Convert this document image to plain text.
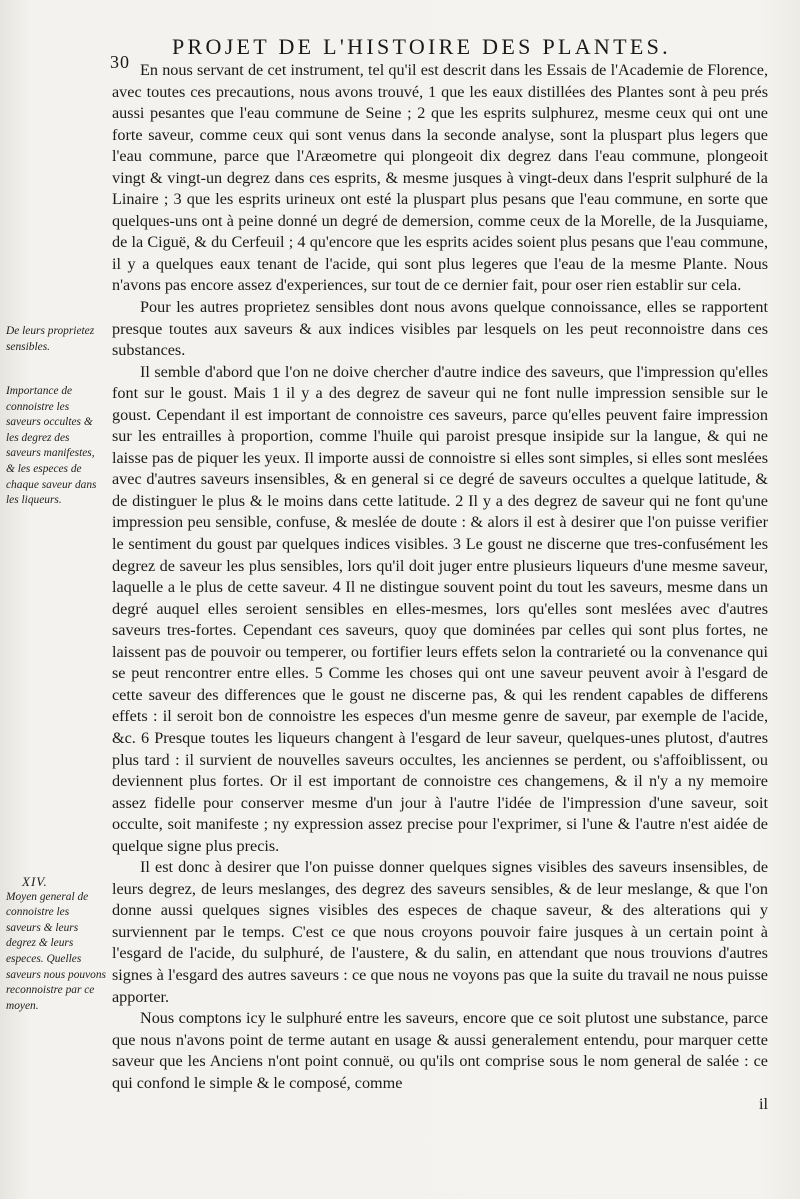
30
PROJET DE L'HISTOIRE DES PLANTES.
De leurs proprietez sensibles.
Importance de connoistre les saveurs occultes & les degrez des saveurs manifestes, & les especes de chaque saveur dans les liqueurs.
XIV.
Moyen general de connoistre les saveurs & leurs degrez & leurs especes. Quelles saveurs nous pouvons reconnoistre par ce moyen.

En nous servant de cet instrument, tel qu'il est descrit dans les Essais de l'Academie de Florence, avec toutes ces precautions, nous avons trouvé, 1 que les eaux distillées des Plantes sont à peu prés aussi pesantes que l'eau commune de Seine ; 2 que les esprits sulphurez, mesme ceux qui ont une forte saveur, comme ceux qui sont venus dans la seconde analyse, sont la pluspart plus legers que l'eau commune, parce que l'Aræometre qui plongeoit dix degrez dans l'eau commune, plongeoit vingt & vingt-un degrez dans ces esprits, & mesme jusques à vingt-deux dans l'esprit sulphuré de la Linaire ; 3 que les esprits urineux ont esté la pluspart plus pesans que l'eau commune, en sorte que quelques-uns ont à peine donné un degré de demersion, comme ceux de la Morelle, de la Jusquiame, de la Ciguë, & du Cerfeuil ; 4 qu'encore que les esprits acides soient plus pesans que l'eau commune, il y a quelques eaux tenant de l'acide, qui sont plus legeres que l'eau de la mesme Plante. Nous n'avons pas encore assez d'experiences, sur tout de ce dernier fait, pour oser rien establir sur cela.

Pour les autres proprietez sensibles dont nous avons quelque connoissance, elles se rapportent presque toutes aux saveurs & aux indices visibles par lesquels on les peut reconnoistre dans ces substances.

Il semble d'abord que l'on ne doive chercher d'autre indice des saveurs, que l'impression qu'elles font sur le goust. Mais 1 il y a des degrez de saveur qui ne font nulle impression sensible sur le goust. Cependant il est important de connoistre ces saveurs, parce qu'elles peuvent faire impression sur les entrailles à proportion, comme l'huile qui paroist presque insipide sur la langue, & qui ne laisse pas de piquer les yeux. Il importe aussi de connoistre si elles sont simples, si elles sont meslées avec d'autres saveurs insensibles, & en general si ce degré de saveurs occultes a quelque latitude, & de distinguer le plus & le moins dans cette latitude. 2 Il y a des degrez de saveur qui ne font qu'une impression peu sensible, confuse, & meslée de doute : & alors il est à desirer que l'on puisse verifier le sentiment du goust par quelques indices visibles. 3 Le goust ne discerne que tres-confusément les degrez de saveur les plus sensibles, lors qu'il doit juger entre plusieurs liqueurs d'une mesme saveur, laquelle a le plus de cette saveur. 4 Il ne distingue souvent point du tout les saveurs, mesme dans un degré auquel elles seroient sensibles en elles-mesmes, lors qu'elles sont meslées avec d'autres saveurs tres-fortes. Cependant ces saveurs, quoy que dominées par celles qui sont plus fortes, ne laissent pas de pouvoir ou temperer, ou fortifier leurs effets selon la contrarieté ou la convenance qui se peut rencontrer entre elles. 5 Comme les choses qui ont une saveur peuvent avoir à l'esgard de cette saveur des differences que le goust ne discerne pas, & qui les rendent capables de differens effets : il seroit bon de connoistre les especes d'un mesme genre de saveur, par exemple de l'acide, &c. 6 Presque toutes les liqueurs changent à l'esgard de leur saveur, quelques-unes plutost, d'autres plus tard : il survient de nouvelles saveurs occultes, les anciennes se perdent, ou s'affoiblissent, ou deviennent plus fortes. Or il est important de connoistre ces changemens, & il n'y a ny memoire assez fidelle pour conserver mesme d'un jour à l'autre l'idée de l'impression d'une saveur, soit occulte, soit manifeste ; ny expression assez precise pour l'exprimer, si l'une & l'autre n'est aidée de quelque signe plus precis.

Il est donc à desirer que l'on puisse donner quelques signes visibles des saveurs insensibles, de leurs degrez, de leurs meslanges, des degrez des saveurs sensibles, & de leur meslange, & que l'on donne aussi quelques signes visibles des especes de chaque saveur, & des alterations qui y surviennent par le temps. C'est ce que nous croyons pouvoir faire jusques à un certain point à l'esgard de l'acide, du sulphuré, de l'austere, & du salin, en attendant que nous trouvions d'autres signes à l'esgard des autres saveurs : ce que nous ne voyons pas que la suite du travail ne nous puisse apporter.

Nous comptons icy le sulphuré entre les saveurs, encore que ce soit plutost une substance, parce que nous n'avons point de terme autant en usage & aussi generalement entendu, pour marquer cette saveur que les Anciens n'ont point connuë, ou qu'ils ont comprise sous le nom general de salée : ce qui confond le simple & le composé, comme

il
